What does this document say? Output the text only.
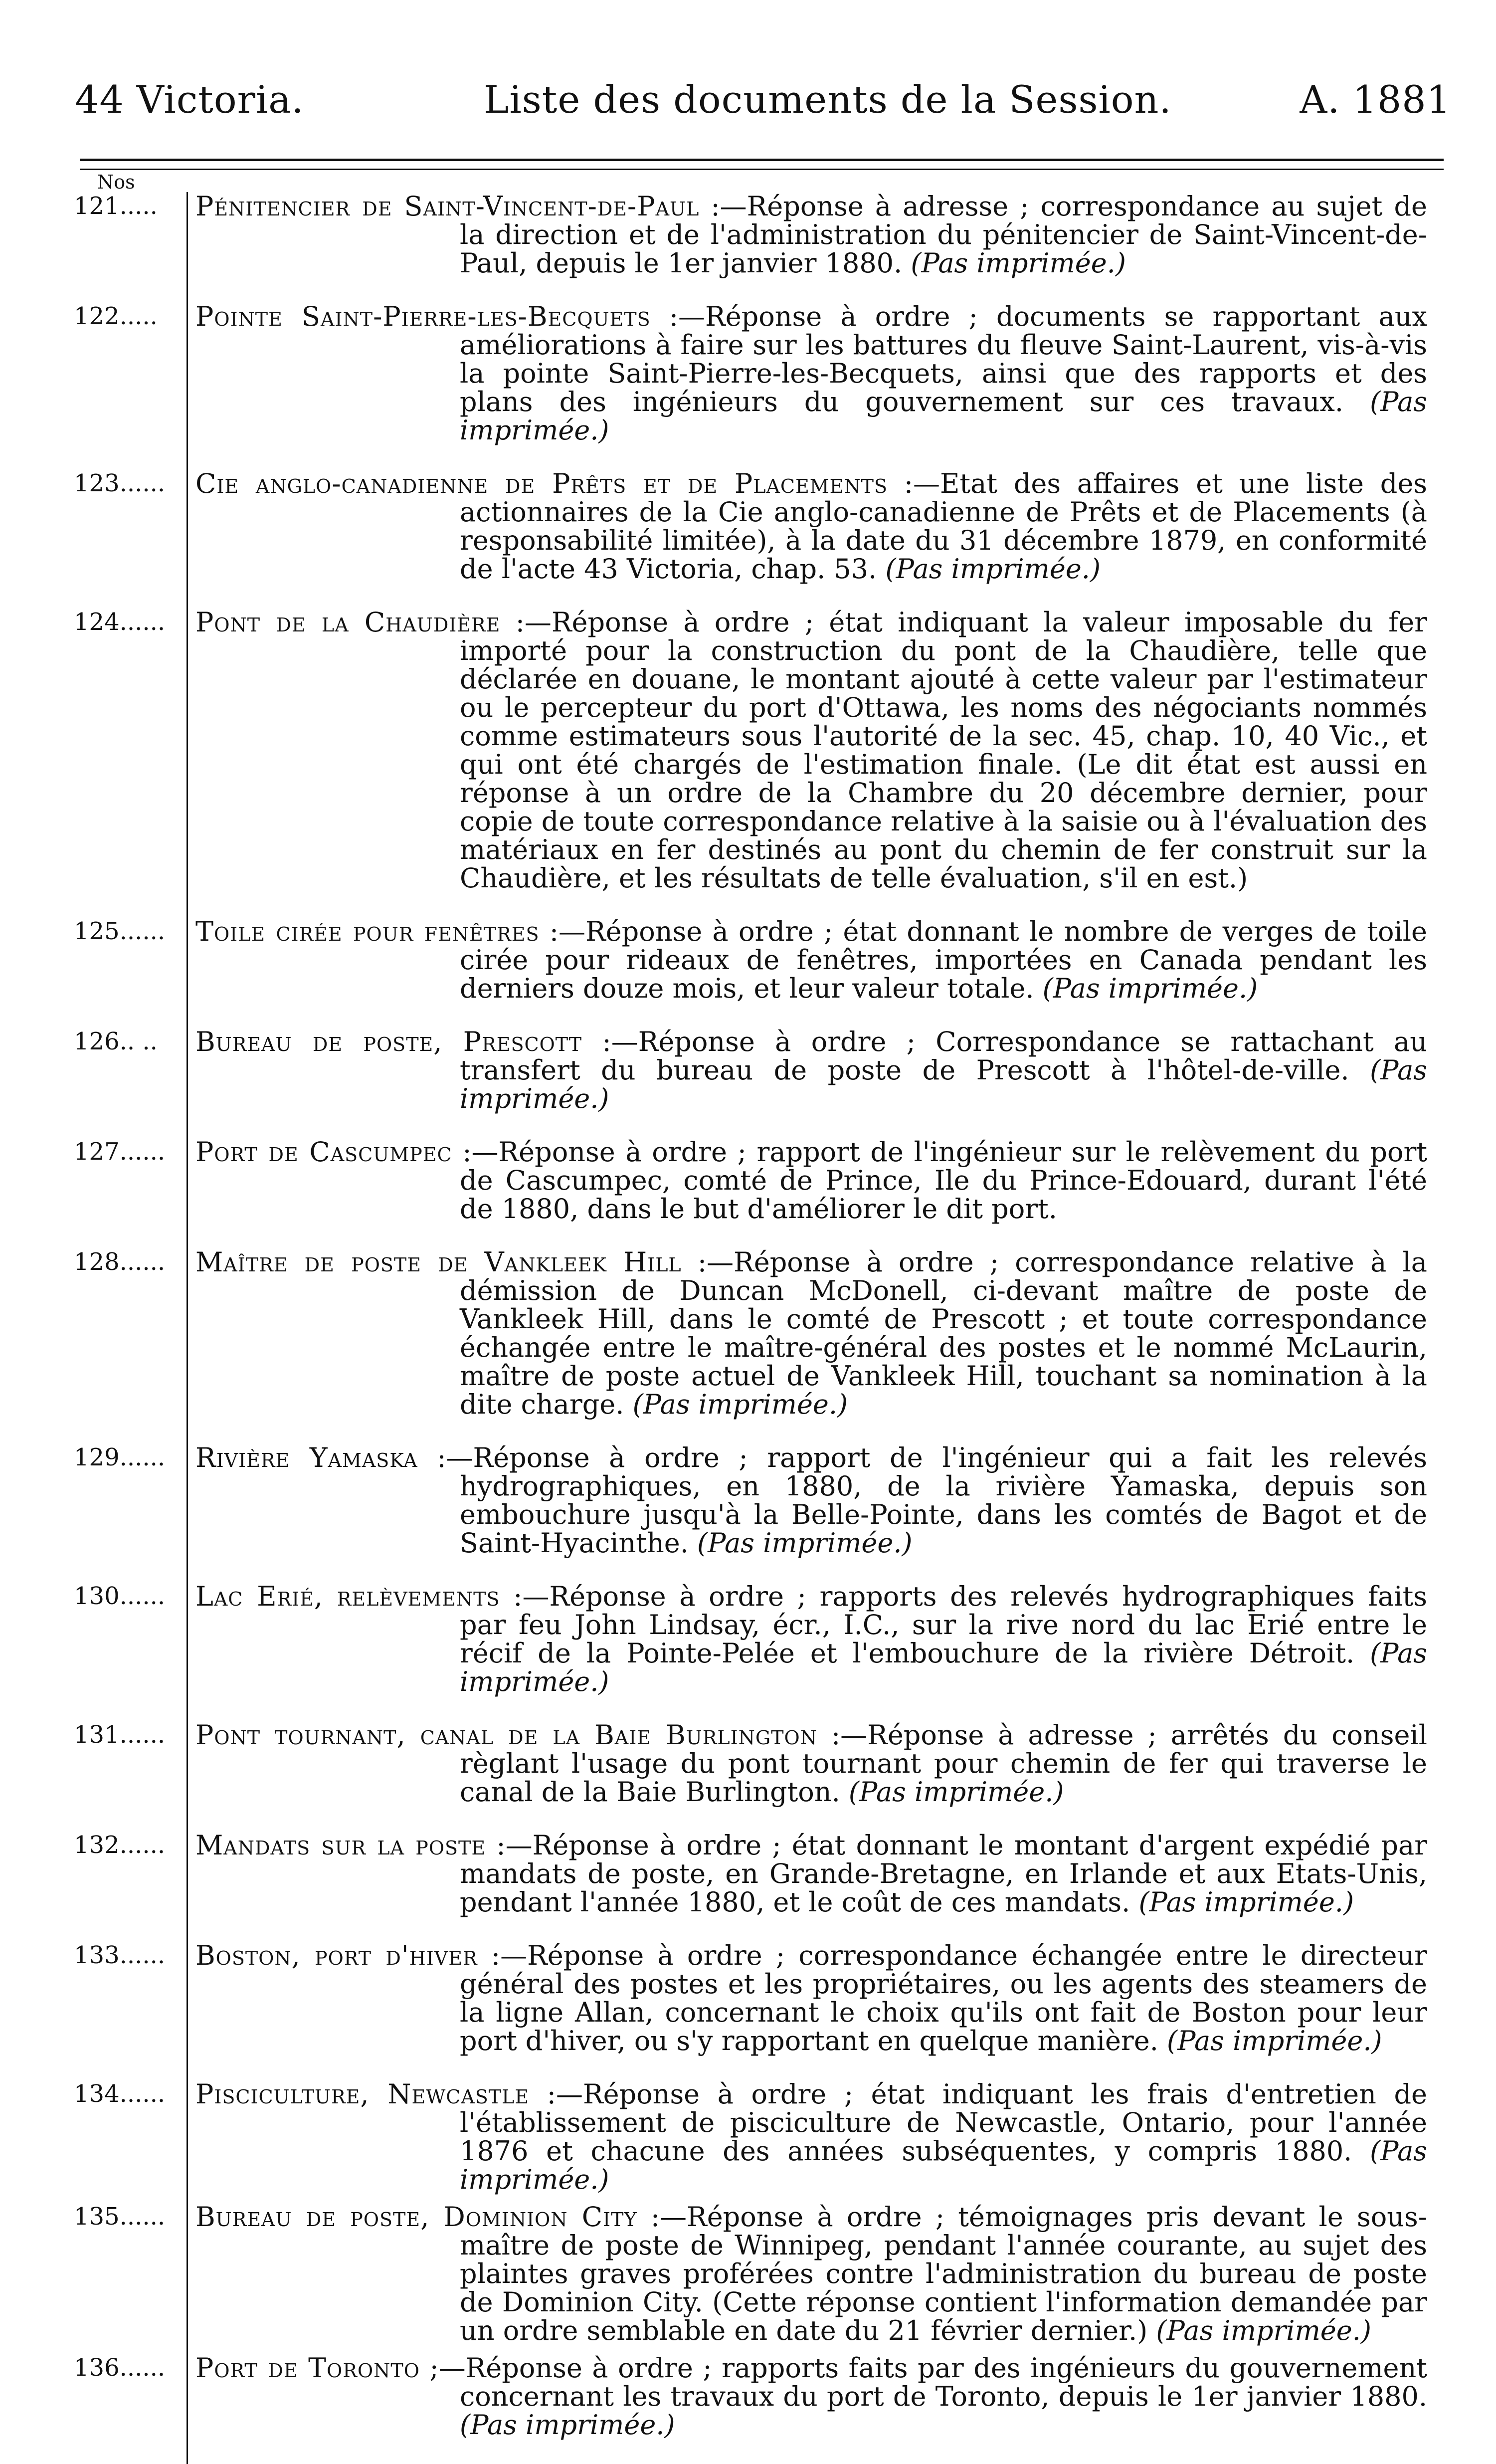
44 Victoria.	Liste des documents de la Session.	A. 1881
Nos
121.....	Pénitencier de Saint-Vincent-de-Paul :—Réponse à adresse ; correspondance au sujet de la direction et de l'administration du pénitencier de Saint-Vincent-de-Paul, depuis le 1er janvier 1880. (Pas imprimée.)
122.....	Pointe Saint-Pierre-les-Becquets :—Réponse à ordre ; documents se rapportant aux améliorations à faire sur les battures du fleuve Saint-Laurent, vis-à-vis la pointe Saint-Pierre-les-Becquets, ainsi que des rapports et des plans des ingénieurs du gouvernement sur ces travaux. (Pas imprimée.)
123......	Cie anglo-canadienne de Prêts et de Placements :—Etat des affaires et une liste des actionnaires de la Cie anglo-canadienne de Prêts et de Placements (à responsabilité limitée), à la date du 31 décembre 1879, en conformité de l'acte 43 Victoria, chap. 53. (Pas imprimée.)
124......	Pont de la Chaudière :—Réponse à ordre ; état indiquant la valeur imposable du fer importé pour la construction du pont de la Chaudière, telle que déclarée en douane, le montant ajouté à cette valeur par l'estimateur ou le percepteur du port d'Ottawa, les noms des négociants nommés comme estimateurs sous l'autorité de la sec. 45, chap. 10, 40 Vic., et qui ont été chargés de l'estimation finale. (Le dit état est aussi en réponse à un ordre de la Chambre du 20 décembre dernier, pour copie de toute correspondance relative à la saisie ou à l'évaluation des matériaux en fer destinés au pont du chemin de fer construit sur la Chaudière, et les résultats de telle évaluation, s'il en est.)
125......	Toile cirée pour fenêtres :—Réponse à ordre ; état donnant le nombre de verges de toile cirée pour rideaux de fenêtres, importées en Canada pendant les derniers douze mois, et leur valeur totale. (Pas imprimée.)
126.. ..	Bureau de poste, Prescott :—Réponse à ordre ; Correspondance se rattachant au transfert du bureau de poste de Prescott à l'hôtel-de-ville. (Pas imprimée.)
127......	Port de Cascumpec :—Réponse à ordre ; rapport de l'ingénieur sur le relèvement du port de Cascumpec, comté de Prince, Ile du Prince-Edouard, durant l'été de 1880, dans le but d'améliorer le dit port.
128......	Maître de poste de Vankleek Hill :—Réponse à ordre ; correspondance relative à la démission de Duncan McDonell, ci-devant maître de poste de Vankleek Hill, dans le comté de Prescott ; et toute correspondance échangée entre le maître-général des postes et le nommé McLaurin, maître de poste actuel de Vankleek Hill, touchant sa nomination à la dite charge. (Pas imprimée.)
129......	Rivière Yamaska :—Réponse à ordre ; rapport de l'ingénieur qui a fait les relevés hydrographiques, en 1880, de la rivière Yamaska, depuis son embouchure jusqu'à la Belle-Pointe, dans les comtés de Bagot et de Saint-Hyacinthe. (Pas imprimée.)
130......	Lac Erié, relèvements :—Réponse à ordre ; rapports des relevés hydrographiques faits par feu John Lindsay, écr., I.C., sur la rive nord du lac Erié entre le récif de la Pointe-Pelée et l'embouchure de la rivière Détroit. (Pas imprimée.)
131......	Pont tournant, canal de la Baie Burlington :—Réponse à adresse ; arrêtés du conseil règlant l'usage du pont tournant pour chemin de fer qui traverse le canal de la Baie Burlington. (Pas imprimée.)
132......	Mandats sur la poste :—Réponse à ordre ; état donnant le montant d'argent expédié par mandats de poste, en Grande-Bretagne, en Irlande et aux Etats-Unis, pendant l'année 1880, et le coût de ces mandats. (Pas imprimée.)
133......	Boston, port d'hiver :—Réponse à ordre ; correspondance échangée entre le directeur général des postes et les propriétaires, ou les agents des steamers de la ligne Allan, concernant le choix qu'ils ont fait de Boston pour leur port d'hiver, ou s'y rapportant en quelque manière. (Pas imprimée.)
134......	Pisciculture, Newcastle :—Réponse à ordre ; état indiquant les frais d'entretien de l'établissement de pisciculture de Newcastle, Ontario, pour l'année 1876 et chacune des années subséquentes, y compris 1880. (Pas imprimée.)
135......	Bureau de poste, Dominion City :—Réponse à ordre ; témoignages pris devant le sous-maître de poste de Winnipeg, pendant l'année courante, au sujet des plaintes graves proférées contre l'administration du bureau de poste de Dominion City. (Cette réponse contient l'information demandée par un ordre semblable en date du 21 février dernier.) (Pas imprimée.)
136......	Port de Toronto ;—Réponse à ordre ; rapports faits par des ingénieurs du gouvernement concernant les travaux du port de Toronto, depuis le 1er janvier 1880. (Pas imprimée.)
